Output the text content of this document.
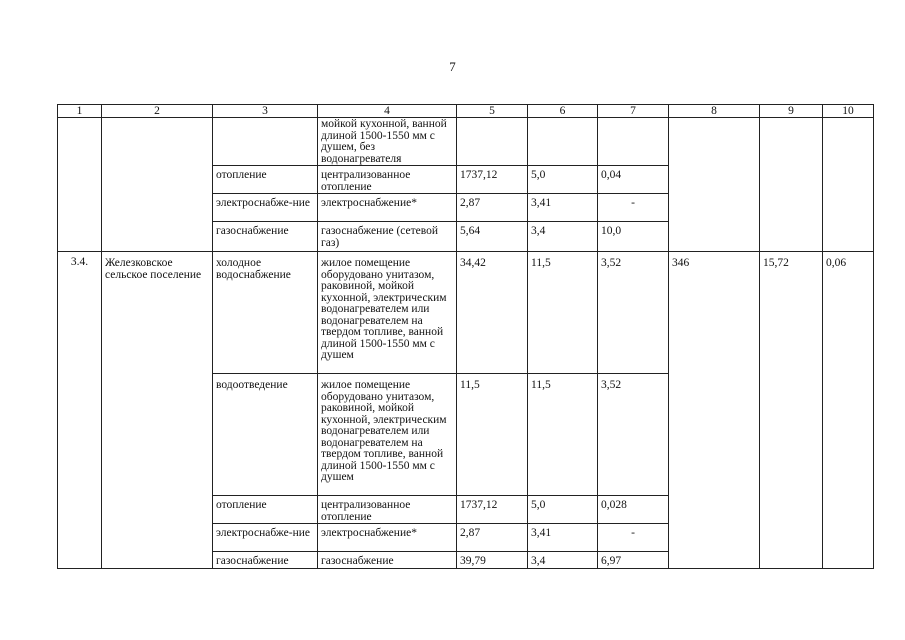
7
1	2	3	4	5	6	7	8	9	10
			мойкой кухонной, ванной длиной 1500-1550 мм с душем, без водонагревателя						
		отопление	централизованное отопление	1737,12	5,0	0,04			
		электроснабже-ние	электроснабжение*	2,87	3,41	-			
		газоснабжение	газоснабжение (сетевой газ)	5,64	3,4	10,0			
3.4.	Железковское сельское поселение	холодное водоснабжение	жилое помещение оборудовано унитазом, раковиной, мойкой кухонной, электрическим водонагревателем или водонагревателем на твердом топливе, ванной длиной 1500-1550 мм с душем	34,42	11,5	3,52	346	15,72	0,06
		водоотведение	жилое помещение оборудовано унитазом, раковиной, мойкой кухонной, электрическим водонагревателем или водонагревателем на твердом топливе, ванной длиной 1500-1550 мм с душем	11,5	11,5	3,52			
		отопление	централизованное отопление	1737,12	5,0	0,028			
		электроснабже-ние	электроснабжение*	2,87	3,41	-			
		газоснабжение	газоснабжение	39,79	3,4	6,97			
